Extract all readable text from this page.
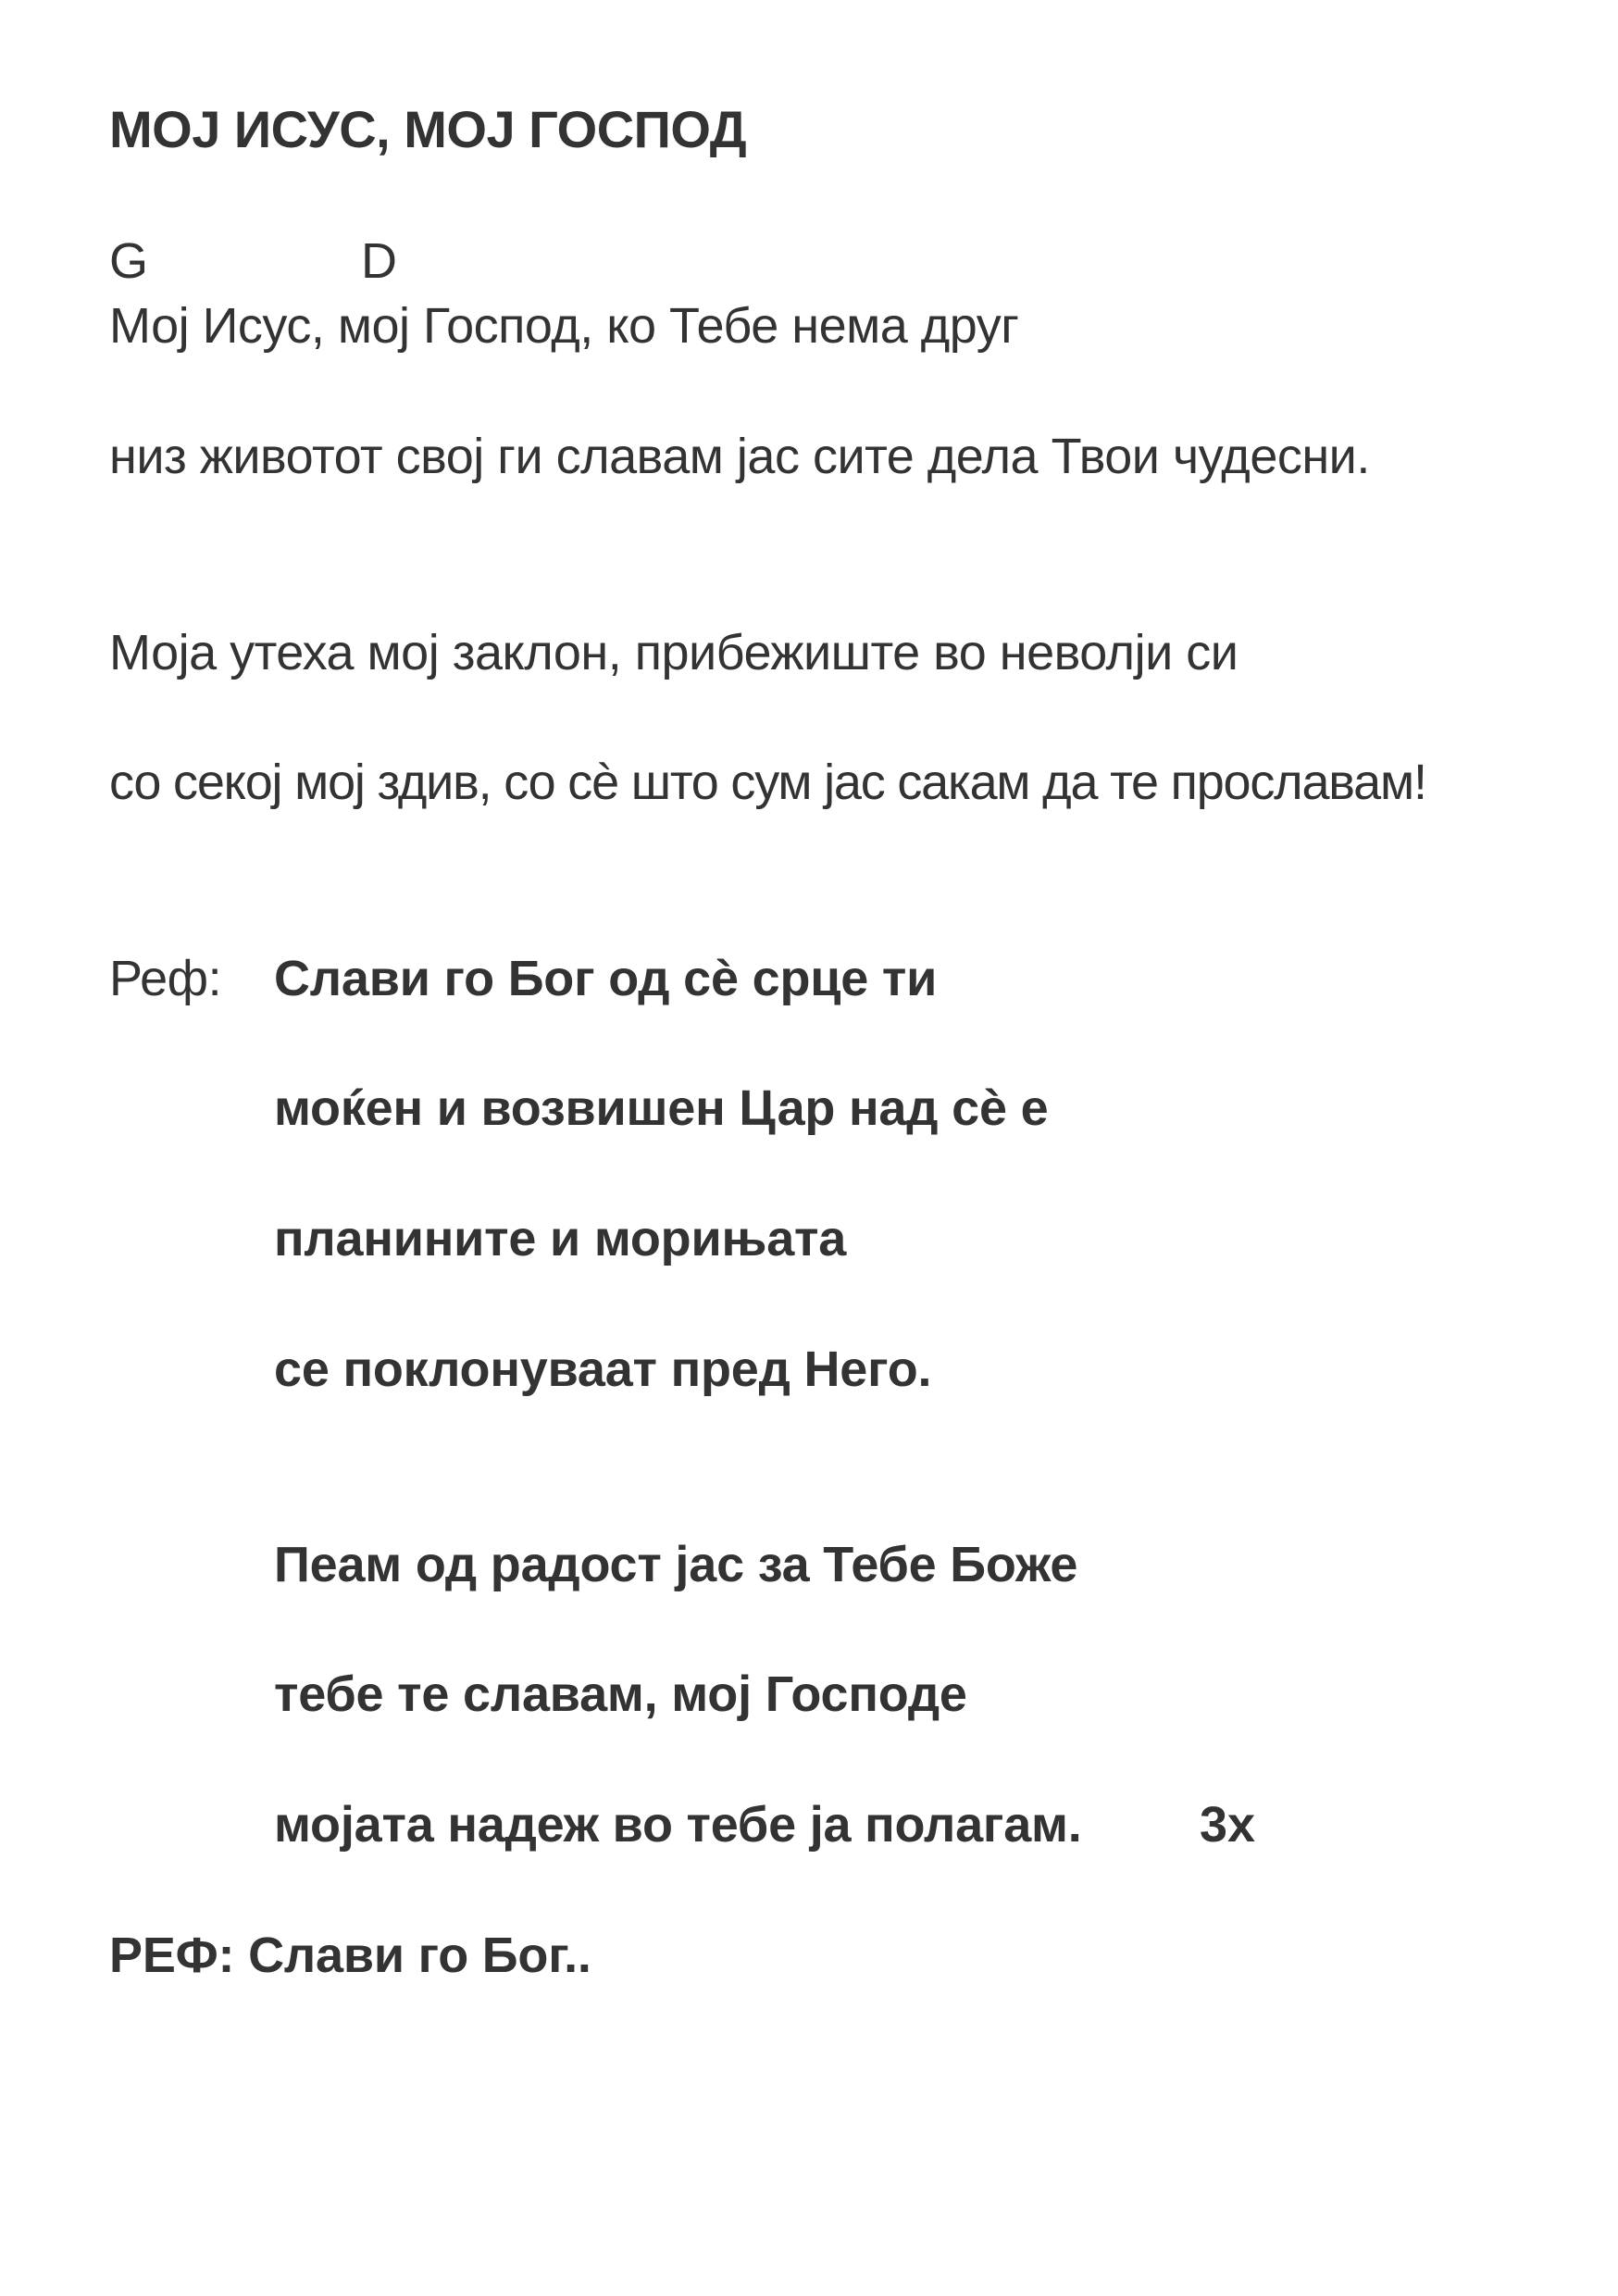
МОЈ ИСУС, МОЈ ГОСПОД
G	D
Мој Исус, мој Господ, ко Тебе нема друг
низ животот свој ги славам јас сите дела Твои чудесни.
Моја утеха мој заклон, прибежиште во неволји си
со секој мој здив, со сѐ што сум јас сакам да те прославам!
Реф: Слави го Бог од сѐ срце ти
моќен и возвишен Цар над сѐ е
планините и морињата
се поклонуваат пред Него.
Пеам од радост јас за Тебе Боже
тебе те славам, мој Господе
мојата надеж во тебе ја полагам. 3x
РЕФ: Слави го Бог..
